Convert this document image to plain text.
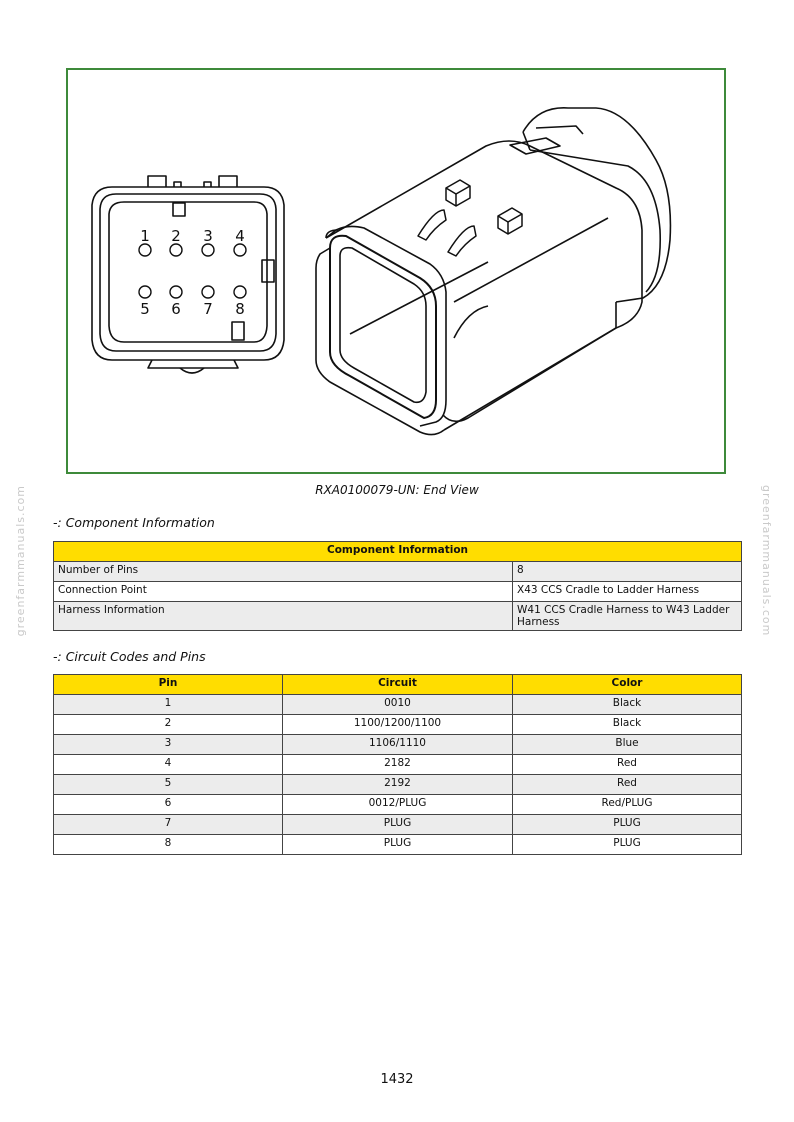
1 2 3 4
5 6 7 8
RXA0100079-UN: End View
-: Component Information
Component Information	
Number of Pins	8
Connection Point	X43 CCS Cradle to Ladder Harness
Harness Information	W41 CCS Cradle Harness to W43 Ladder Harness
-: Circuit Codes and Pins
Pin	Circuit	Color
1	0010	Black
2	1100/1200/1100	Black
3	1106/1110	Blue
4	2182	Red
5	2192	Red
6	0012/PLUG	Red/PLUG
7	PLUG	PLUG
8	PLUG	PLUG
greenfarmmanuals.com	greenfarmmanuals.com
1432
